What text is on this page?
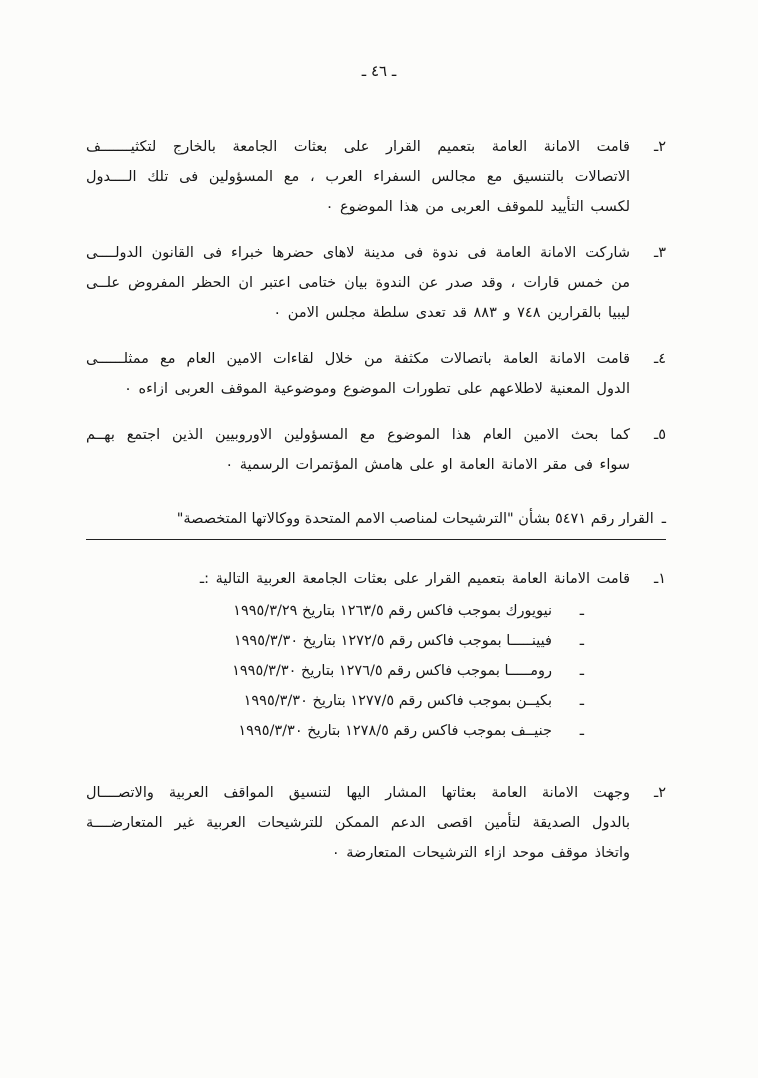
ـ ٤٦ ـ
٢ـ
قامت الامانة العامة بتعميم القرار على بعثات الجامعة بالخارج لتكثيـــــــف
الاتصالات بالتنسيق مع مجالس السفراء العرب ، مع المسؤولين فى تلك الــــدول
لكسب التأييد للموقف العربى من هذا الموضوع ٠
٣ـ
شاركت الامانة العامة فى ندوة فى مدينة لاهاى حضرها خبراء فى القانون الدولــــى
من خمس قارات ، وقد صدر عن الندوة بيان ختامى اعتبر ان الحظر المفروض علــى
ليبيا بالقرارين ٧٤٨ و ٨٨٣ قد تعدى سلطة مجلس الامن ٠
٤ـ
قامت الامانة العامة باتصالات مكثفة من خلال لقاءات الامين العام مع ممثلــــــى
الدول المعنية لاطلاعهم على تطورات الموضوع وموضوعية الموقف العربى ازاءه ٠
٥ـ
كما بحث الامين العام هذا الموضوع مع المسؤولين الاوروبيين الذين اجتمع بهــم
سواء فى مقر الامانة العامة او على هامش المؤتمرات الرسمية ٠
ـ
القرار رقم ٥٤٧١ بشأن "الترشيحات لمناصب الامم المتحدة ووكالاتها المتخصصة"
١ـ
قامت الامانة العامة بتعميم القرار على بعثات الجامعة العربية التالية :ـ
ـ
نيويورك بموجب فاكس رقم ١٢٦٣/٥ بتاريخ ١٩٩٥/٣/٢٩
ـ
فيينـــــا بموجب فاكس رقم ١٢٧٢/٥ بتاريخ ١٩٩٥/٣/٣٠
ـ
رومـــــا بموجب فاكس رقم ١٢٧٦/٥ بتاريخ ١٩٩٥/٣/٣٠
ـ
بكيــن بموجب فاكس رقم ١٢٧٧/٥ بتاريخ ١٩٩٥/٣/٣٠
ـ
جنيــف بموجب فاكس رقم ١٢٧٨/٥ بتاريخ ١٩٩٥/٣/٣٠
٢ـ
وجهت الامانة العامة بعثاتها المشار اليها لتنسيق المواقف العربية والاتصــــال
بالدول الصديقة لتأمين اقصى الدعم الممكن للترشيحات العربية غير المتعارضــــة
واتخاذ موقف موحد ازاء الترشيحات المتعارضة ٠
